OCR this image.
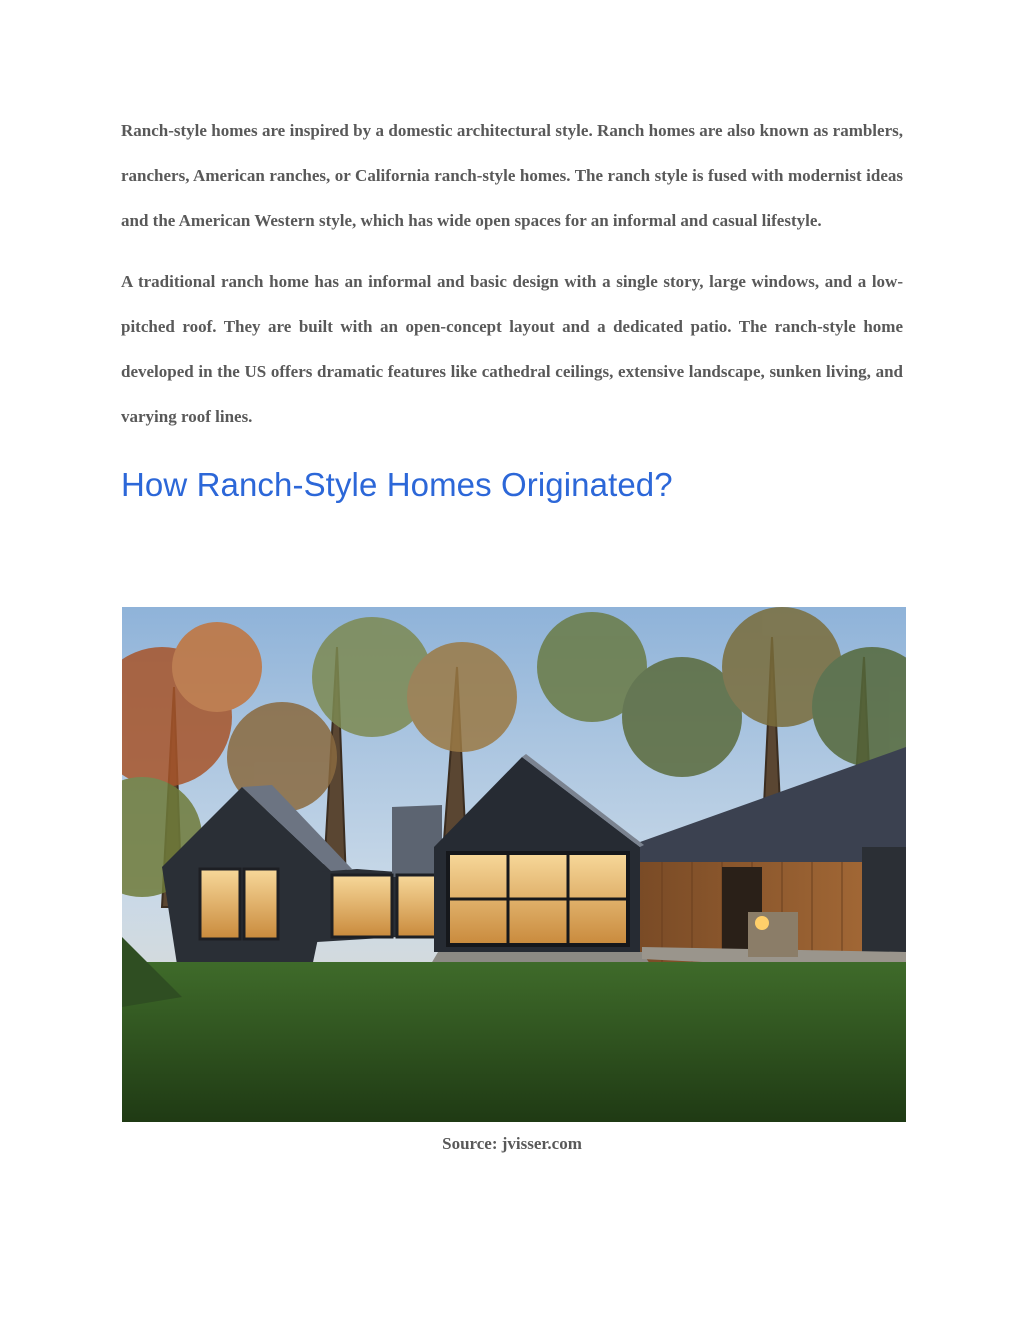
Ranch-style homes are inspired by a domestic architectural style. Ranch homes are also known as ramblers, ranchers, American ranches, or California ranch-style homes. The ranch style is fused with modernist ideas and the American Western style, which has wide open spaces for an informal and casual lifestyle.

A traditional ranch home has an informal and basic design with a single story, large windows, and a low-pitched roof. They are built with an open-concept layout and a dedicated patio. The ranch-style home developed in the US offers dramatic features like cathedral ceilings, extensive landscape, sunken living, and varying roof lines.

How Ranch-Style Homes Originated?
Source: jvisser.com
